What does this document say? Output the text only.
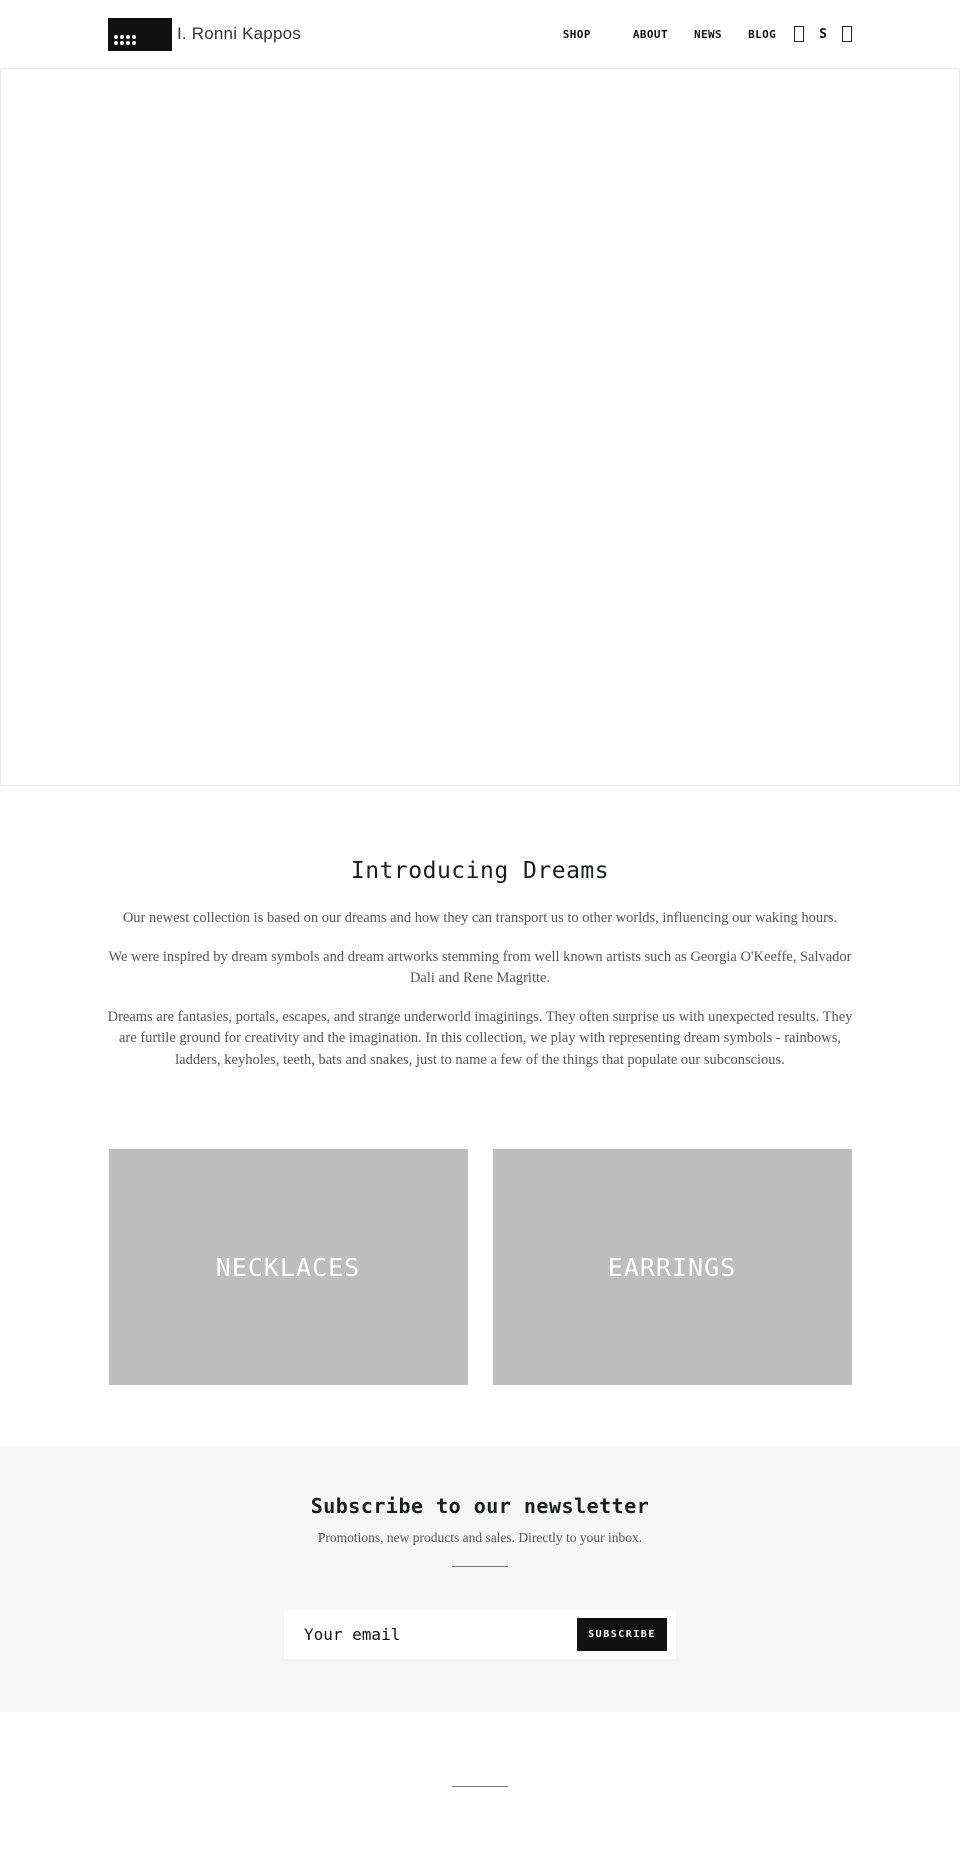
I. Ronni Kappos	SHOP	ABOUT NEWS BLOG	S
Introducing Dreams

Our newest collection is based on our dreams and how they can transport us to other worlds, influencing our waking hours.

We were inspired by dream symbols and dream artworks stemming from well known artists such as Georgia O'Keeffe, Salvador Dali and Rene Magritte.

Dreams are fantasies, portals, escapes, and strange underworld imaginings. They often surprise us with unexpected results. They are furtile ground for creativity and the imagination. In this collection, we play with representing dream symbols - rainbows, ladders, keyholes, teeth, bats and snakes, just to name a few of the things that populate our subconscious.

NECKLACES	EARRINGS
Subscribe to our newsletter

Promotions, new products and sales. Directly to your inbox.

Your email
SUBSCRIBE
